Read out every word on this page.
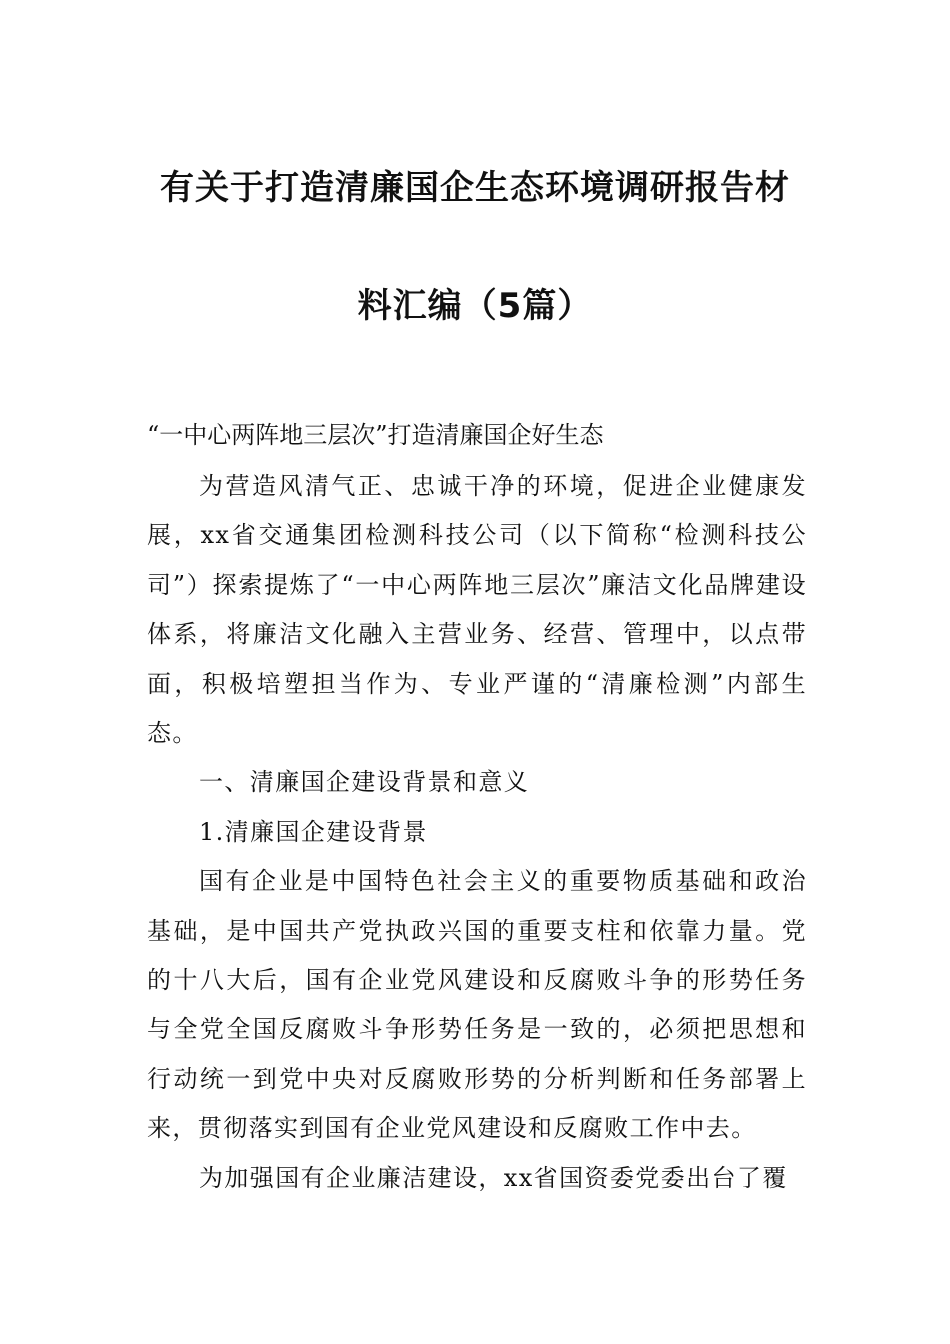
有关于打造清廉国企生态环境调研报告材
料汇编（5篇）
“一中心两阵地三层次”打造清廉国企好生态

为营造风清气正、忠诚干净的环境，促进企业健康发展，xx省交通集团检测科技公司（以下简称“检测科技公司”）探索提炼了“一中心两阵地三层次”廉洁文化品牌建设体系，将廉洁文化融入主营业务、经营、管理中，以点带面，积极培塑担当作为、专业严谨的“清廉检测”内部生态。

一、清廉国企建设背景和意义

1.清廉国企建设背景

国有企业是中国特色社会主义的重要物质基础和政治基础，是中国共产党执政兴国的重要支柱和依靠力量。党的十八大后，国有企业党风建设和反腐败斗争的形势任务与全党全国反腐败斗争形势任务是一致的，必须把思想和行动统一到党中央对反腐败形势的分析判断和任务部署上来，贯彻落实到国有企业党风建设和反腐败工作中去。

为加强国有企业廉洁建设，xx省国资委党委出台了覆
